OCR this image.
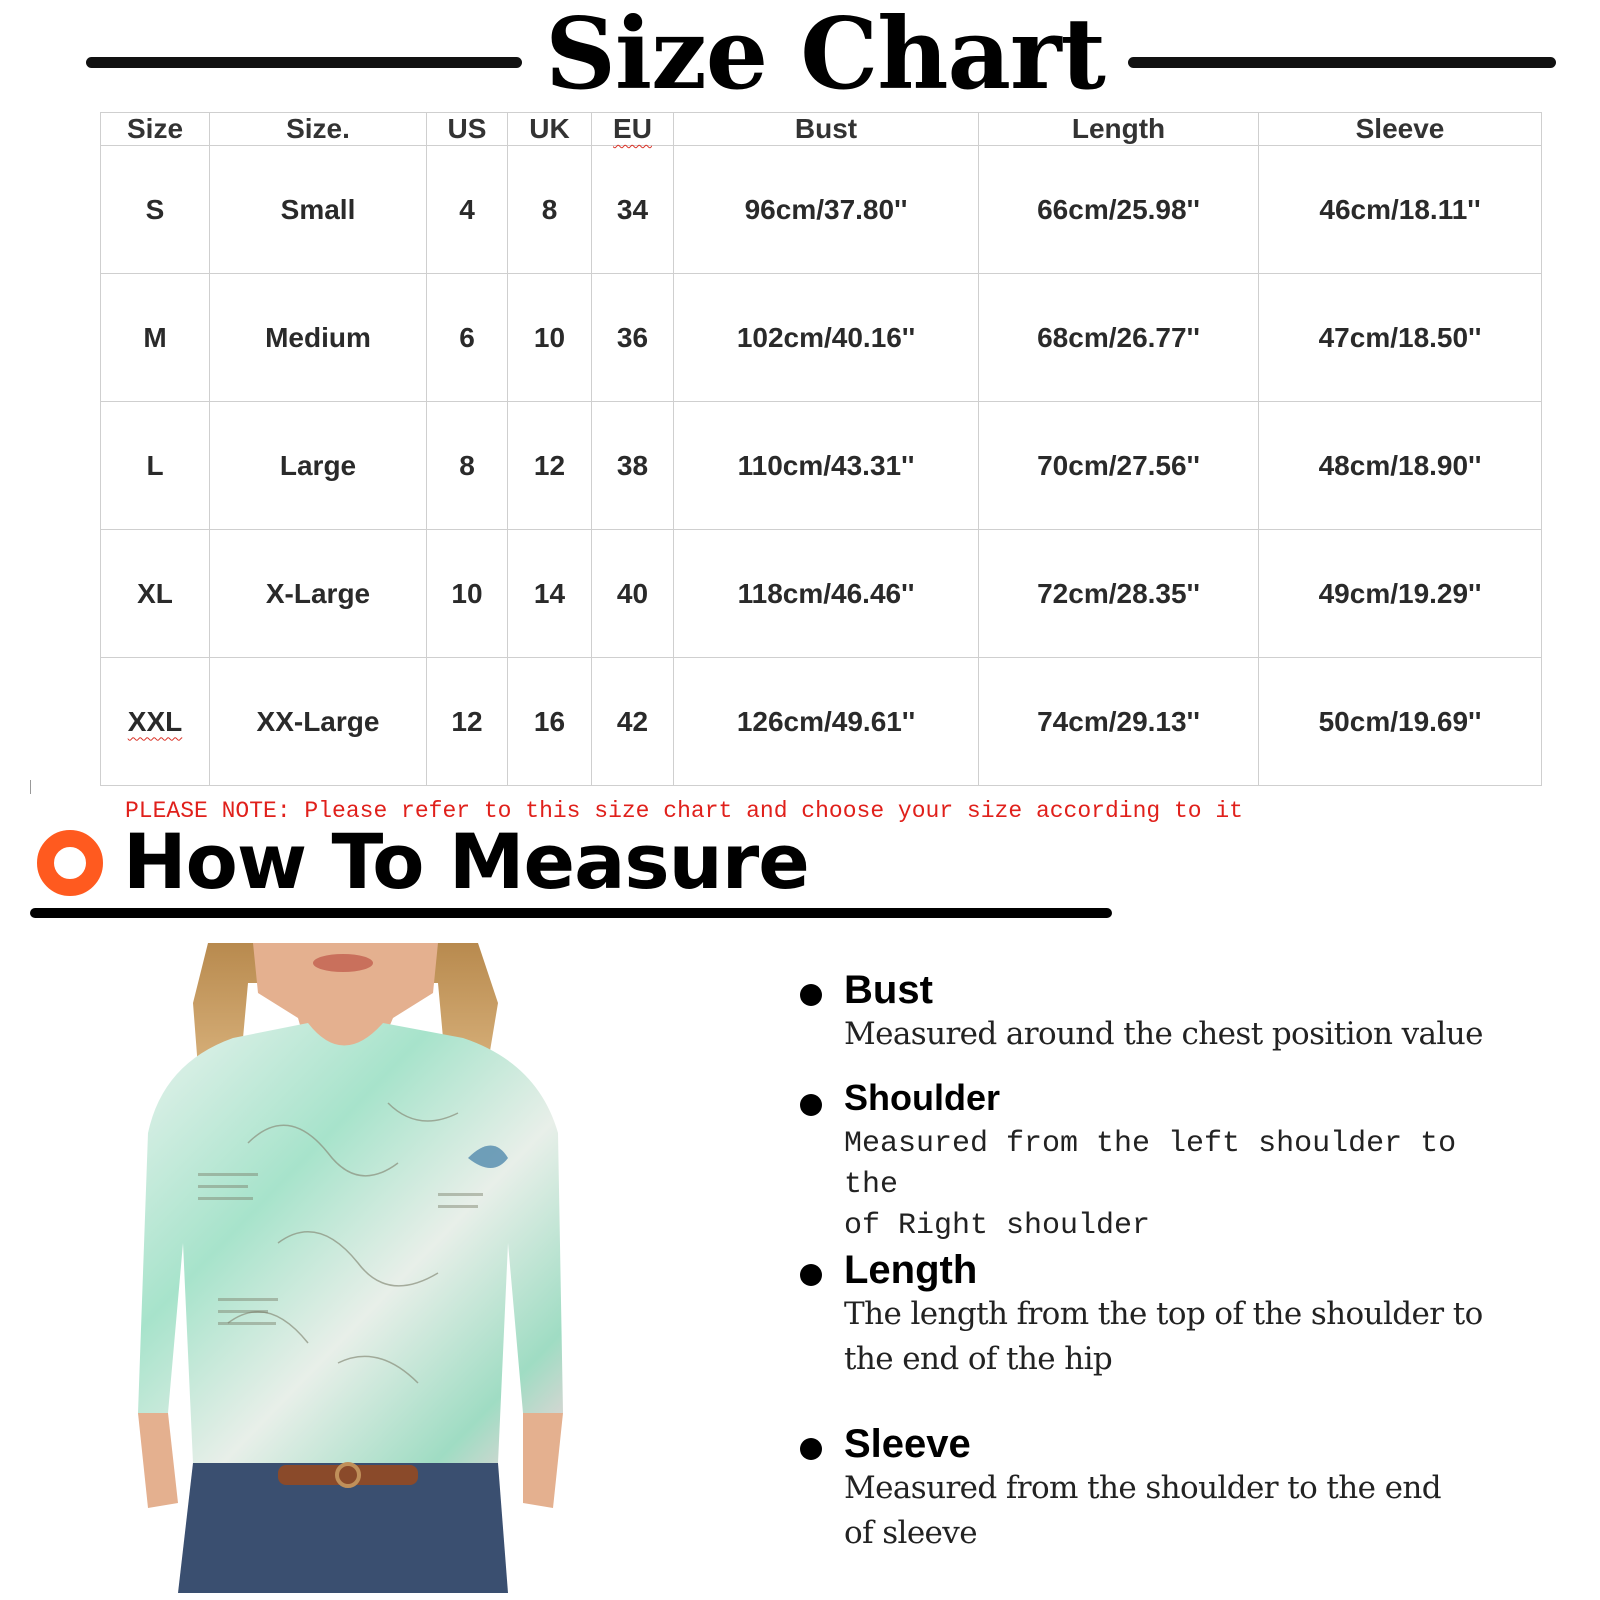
Size Chart
Size	Size.	US	UK	EU	Bust	Length	Sleeve
S	Small	4	8	34	96cm/37.80''	66cm/25.98''	46cm/18.11''
M	Medium	6	10	36	102cm/40.16''	68cm/26.77''	47cm/18.50''
L	Large	8	12	38	110cm/43.31''	70cm/27.56''	48cm/18.90''
XL	X-Large	10	14	40	118cm/46.46''	72cm/28.35''	49cm/19.29''
XXL	XX-Large	12	16	42	126cm/49.61''	74cm/29.13''	50cm/19.69''
PLEASE NOTE: Please refer to this size chart and choose your size according to it
How To Measure
Bust
Measured around the chest position value
Shoulder
Measured from the left shoulder to the
of Right shoulder
Length
The length from the top of the shoulder to
the end of the hip
Sleeve
Measured from the shoulder to the end
of sleeve
